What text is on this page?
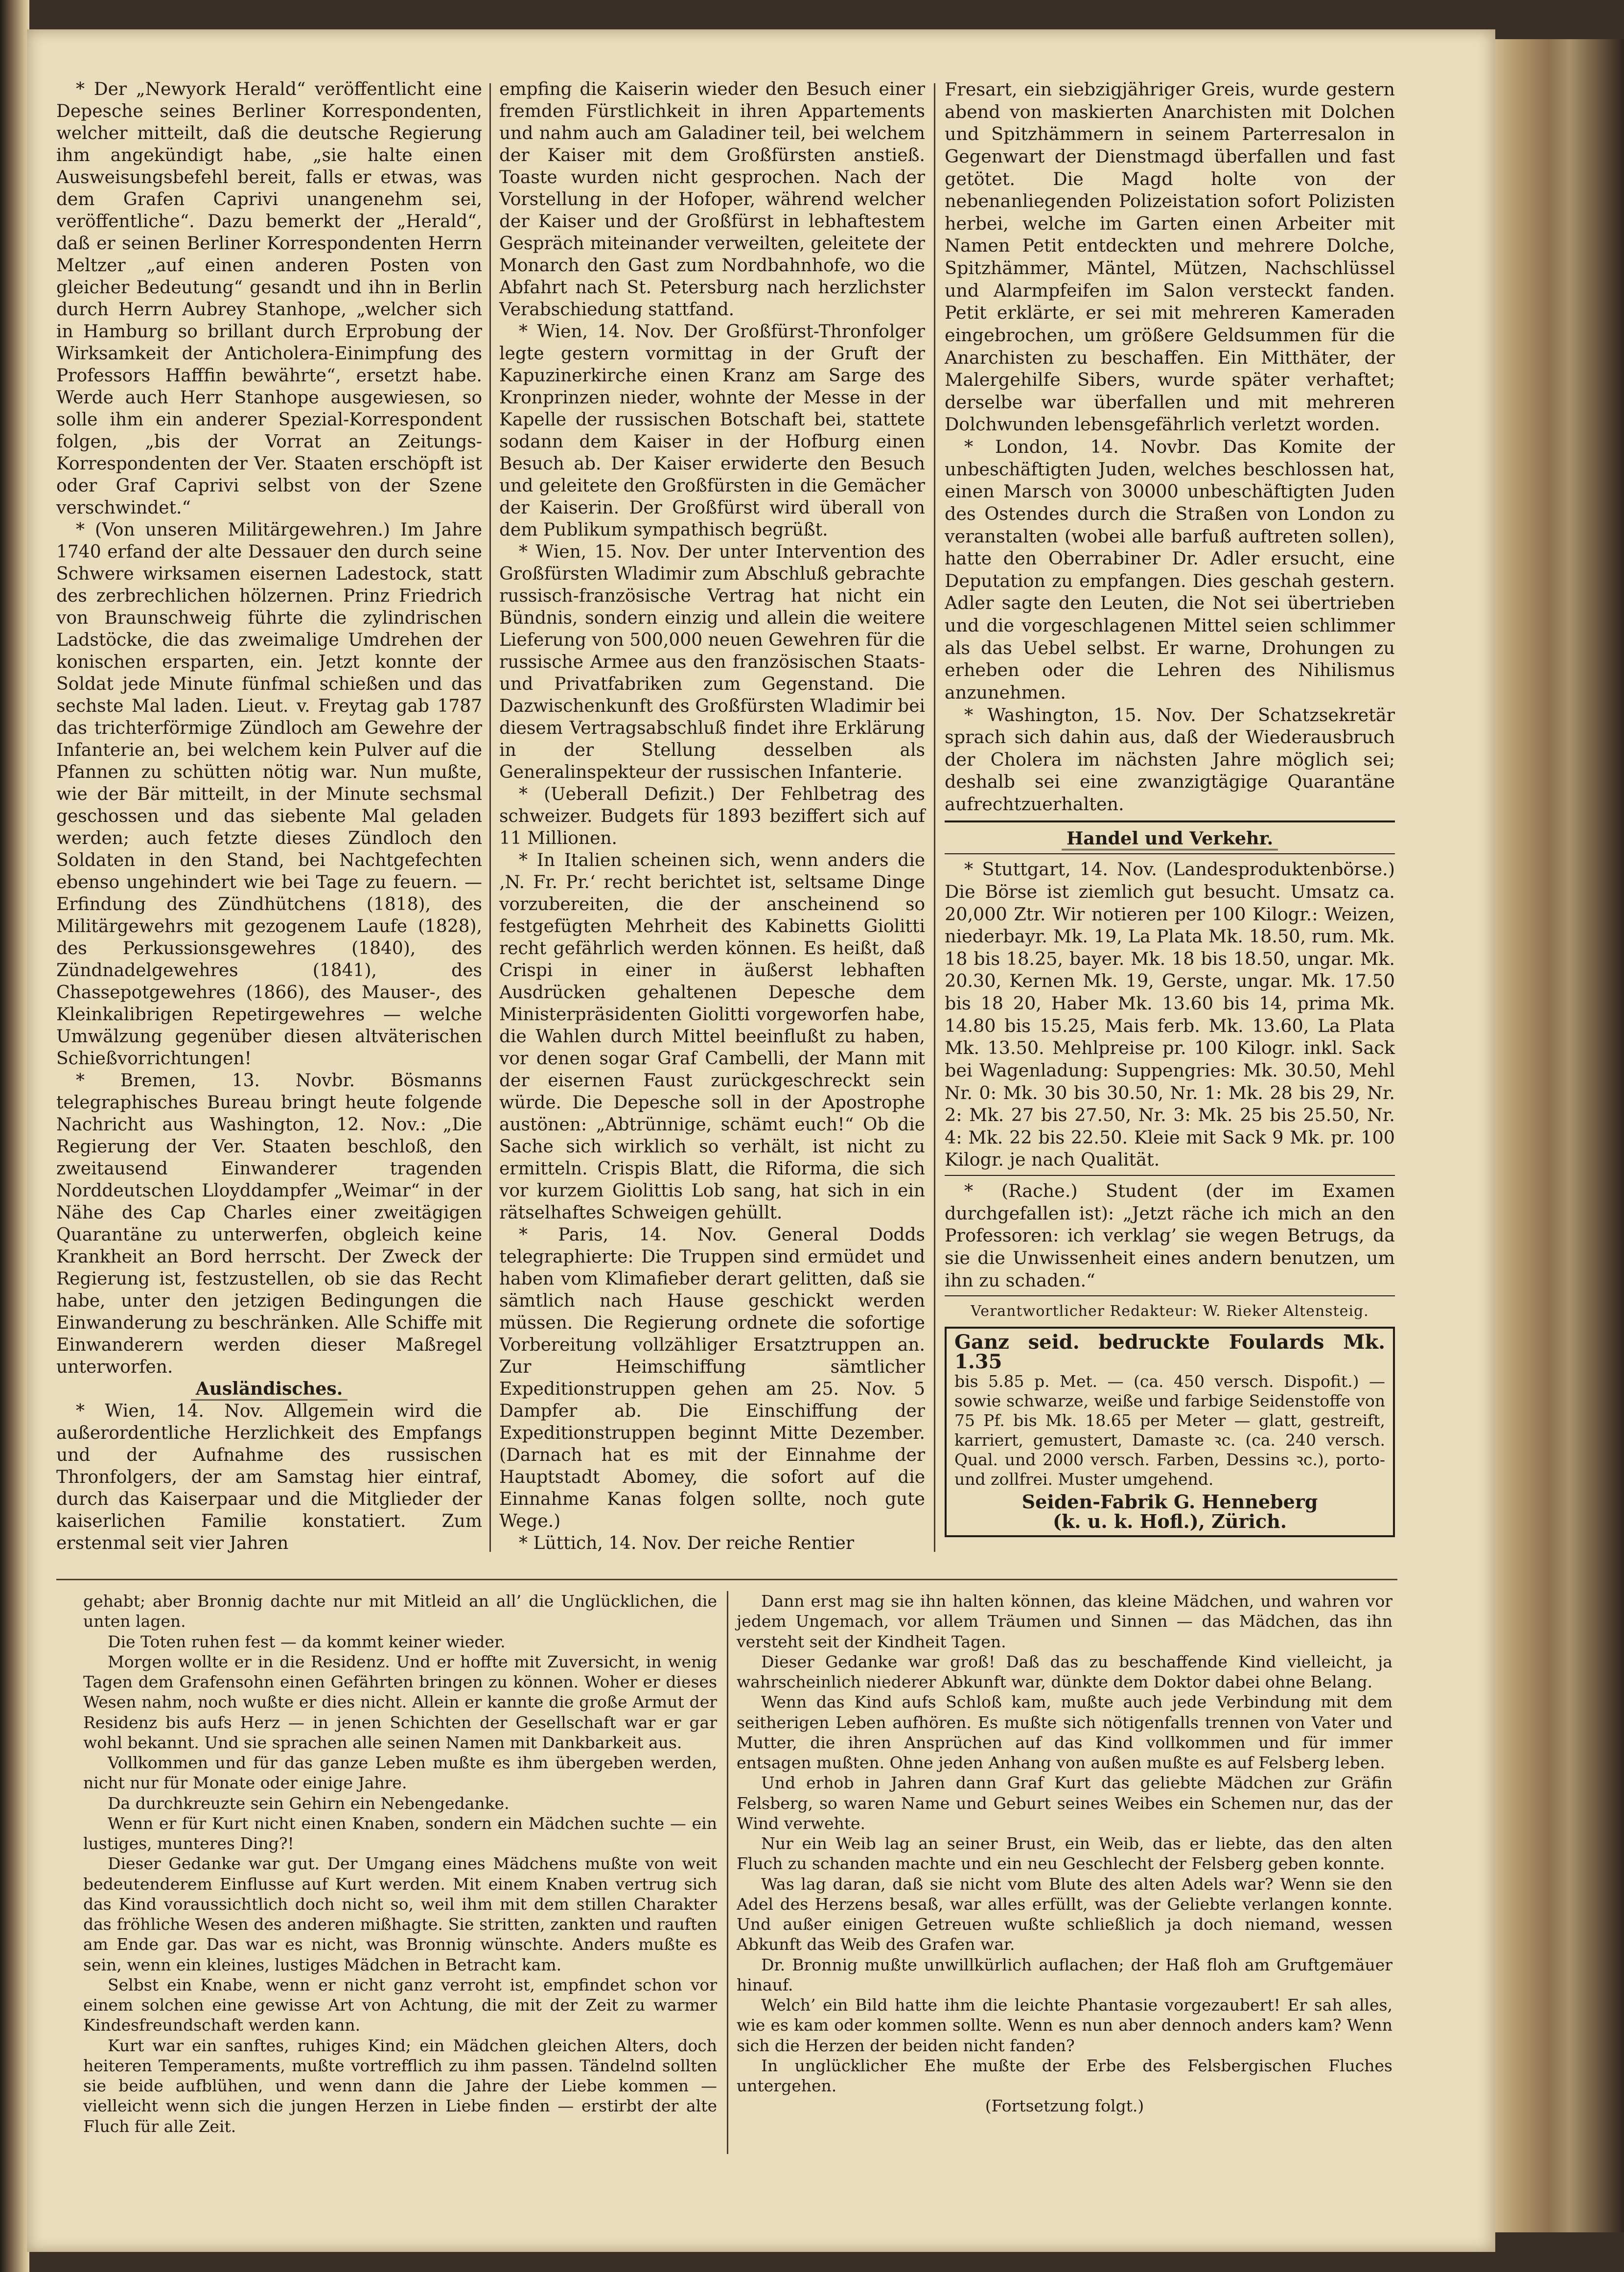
* Der „Newyork Herald“ veröffentlicht eine Depesche seines Berliner Korrespondenten, welcher mitteilt, daß die deutsche Regierung ihm angekündigt habe, „sie halte einen Ausweisungsbefehl bereit, falls er etwas, was dem Grafen Caprivi unangenehm sei, veröffentliche“. Dazu bemerkt der „Herald“, daß er seinen Berliner Korrespondenten Herrn Meltzer „auf einen anderen Posten von gleicher Bedeutung“ gesandt und ihn in Berlin durch Herrn Aubrey Stanhope, „welcher sich in Hamburg so brillant durch Erprobung der Wirksamkeit der Anticholera-Einimpfung des Professors Hafffin bewährte“, ersetzt habe. Werde auch Herr Stanhope ausgewiesen, so solle ihm ein anderer Spezial-Korrespondent folgen, „bis der Vorrat an Zeitungs-Korrespondenten der Ver. Staaten erschöpft ist oder Graf Caprivi selbst von der Szene verschwindet.“

* (Von unseren Militärgewehren.) Im Jahre 1740 erfand der alte Dessauer den durch seine Schwere wirksamen eisernen Ladestock, statt des zerbrechlichen hölzernen. Prinz Friedrich von Braunschweig führte die zylindrischen Ladstöcke, die das zweimalige Umdrehen der konischen ersparten, ein. Jetzt konnte der Soldat jede Minute fünfmal schießen und das sechste Mal laden. Lieut. v. Freytag gab 1787 das trichterförmige Zündloch am Gewehre der Infanterie an, bei welchem kein Pulver auf die Pfannen zu schütten nötig war. Nun mußte, wie der Bär mitteilt, in der Minute sechsmal geschossen und das siebente Mal geladen werden; auch fetzte dieses Zündloch den Soldaten in den Stand, bei Nachtgefechten ebenso ungehindert wie bei Tage zu feuern. — Erfindung des Zündhütchens (1818), des Militärgewehrs mit gezogenem Laufe (1828), des Perkussionsgewehres (1840), des Zündnadelgewehres (1841), des Chassepotgewehres (1866), des Mauser-, des Kleinkalibrigen Repetirgewehres — welche Umwälzung gegenüber diesen altväterischen Schießvorrichtungen!

* Bremen, 13. Novbr. Bösmanns telegraphisches Bureau bringt heute folgende Nachricht aus Washington, 12. Nov.: „Die Regierung der Ver. Staaten beschloß, den zweitausend Einwanderer tragenden Norddeutschen Lloyddampfer „Weimar“ in der Nähe des Cap Charles einer zweitägigen Quarantäne zu unterwerfen, obgleich keine Krankheit an Bord herrscht. Der Zweck der Regierung ist, festzustellen, ob sie das Recht habe, unter den jetzigen Bedingungen die Einwanderung zu beschränken. Alle Schiffe mit Einwanderern werden dieser Maßregel unterworfen.

Ausländisches.

* Wien, 14. Nov. Allgemein wird die außerordentliche Herzlichkeit des Empfangs und der Aufnahme des russischen Thronfolgers, der am Samstag hier eintraf, durch das Kaiserpaar und die Mitglieder der kaiserlichen Familie konstatiert. Zum erstenmal seit vier Jahren

empfing die Kaiserin wieder den Besuch einer fremden Fürstlichkeit in ihren Appartements und nahm auch am Galadiner teil, bei welchem der Kaiser mit dem Großfürsten anstieß. Toaste wurden nicht gesprochen. Nach der Vorstellung in der Hofoper, während welcher der Kaiser und der Großfürst in lebhaftestem Gespräch miteinander verweilten, geleitete der Monarch den Gast zum Nordbahnhofe, wo die Abfahrt nach St. Petersburg nach herzlichster Verabschiedung stattfand.

* Wien, 14. Nov. Der Großfürst-Thronfolger legte gestern vormittag in der Gruft der Kapuzinerkirche einen Kranz am Sarge des Kronprinzen nieder, wohnte der Messe in der Kapelle der russischen Botschaft bei, stattete sodann dem Kaiser in der Hofburg einen Besuch ab. Der Kaiser erwiderte den Besuch und geleitete den Großfürsten in die Gemächer der Kaiserin. Der Großfürst wird überall von dem Publikum sympathisch begrüßt.

* Wien, 15. Nov. Der unter Intervention des Großfürsten Wladimir zum Abschluß gebrachte russisch-französische Vertrag hat nicht ein Bündnis, sondern einzig und allein die weitere Lieferung von 500,000 neuen Gewehren für die russische Armee aus den französischen Staats- und Privatfabriken zum Gegenstand. Die Dazwischenkunft des Großfürsten Wladimir bei diesem Vertragsabschluß findet ihre Erklärung in der Stellung desselben als Generalinspekteur der russischen Infanterie.

* (Ueberall Defizit.) Der Fehlbetrag des schweizer. Budgets für 1893 beziffert sich auf 11 Millionen.

* In Italien scheinen sich, wenn anders die ‚N. Fr. Pr.‘ recht berichtet ist, seltsame Dinge vorzubereiten, die der anscheinend so festgefügten Mehrheit des Kabinetts Giolitti recht gefährlich werden können. Es heißt, daß Crispi in einer in äußerst lebhaften Ausdrücken gehaltenen Depesche dem Ministerpräsidenten Giolitti vorgeworfen habe, die Wahlen durch Mittel beeinflußt zu haben, vor denen sogar Graf Cambelli, der Mann mit der eisernen Faust zurückgeschreckt sein würde. Die Depesche soll in der Apostrophe austönen: „Abtrünnige, schämt euch!“ Ob die Sache sich wirklich so verhält, ist nicht zu ermitteln. Crispis Blatt, die Riforma, die sich vor kurzem Giolittis Lob sang, hat sich in ein rätselhaftes Schweigen gehüllt.

* Paris, 14. Nov. General Dodds telegraphierte: Die Truppen sind ermüdet und haben vom Klimafieber derart gelitten, daß sie sämtlich nach Hause geschickt werden müssen. Die Regierung ordnete die sofortige Vorbereitung vollzähliger Ersatztruppen an. Zur Heimschiffung sämtlicher Expeditionstruppen gehen am 25. Nov. 5 Dampfer ab. Die Einschiffung der Expeditionstruppen beginnt Mitte Dezember. (Darnach hat es mit der Einnahme der Hauptstadt Abomey, die sofort auf die Einnahme Kanas folgen sollte, noch gute Wege.)

* Lüttich, 14. Nov. Der reiche Rentier

Fresart, ein siebzigjähriger Greis, wurde gestern abend von maskierten Anarchisten mit Dolchen und Spitzhämmern in seinem Parterresalon in Gegenwart der Dienstmagd überfallen und fast getötet. Die Magd holte von der nebenanliegenden Polizeistation sofort Polizisten herbei, welche im Garten einen Arbeiter mit Namen Petit entdeckten und mehrere Dolche, Spitzhämmer, Mäntel, Mützen, Nachschlüssel und Alarmpfeifen im Salon versteckt fanden. Petit erklärte, er sei mit mehreren Kameraden eingebrochen, um größere Geldsummen für die Anarchisten zu beschaffen. Ein Mitthäter, der Malergehilfe Sibers, wurde später verhaftet; derselbe war überfallen und mit mehreren Dolchwunden lebensgefährlich verletzt worden.

* London, 14. Novbr. Das Komite der unbeschäftigten Juden, welches beschlossen hat, einen Marsch von 30000 unbeschäftigten Juden des Ostendes durch die Straßen von London zu veranstalten (wobei alle barfuß auftreten sollen), hatte den Oberrabiner Dr. Adler ersucht, eine Deputation zu empfangen. Dies geschah gestern. Adler sagte den Leuten, die Not sei übertrieben und die vorgeschlagenen Mittel seien schlimmer als das Uebel selbst. Er warne, Drohungen zu erheben oder die Lehren des Nihilismus anzunehmen.

* Washington, 15. Nov. Der Schatzsekretär sprach sich dahin aus, daß der Wiederausbruch der Cholera im nächsten Jahre möglich sei; deshalb sei eine zwanzigtägige Quarantäne aufrechtzuerhalten.

Handel und Verkehr.

* Stuttgart, 14. Nov. (Landesproduktenbörse.) Die Börse ist ziemlich gut besucht. Umsatz ca. 20,000 Ztr. Wir notieren per 100 Kilogr.: Weizen, niederbayr. Mk. 19, La Plata Mk. 18.50, rum. Mk. 18 bis 18.25, bayer. Mk. 18 bis 18.50, ungar. Mk. 20.30, Kernen Mk. 19, Gerste, ungar. Mk. 17.50 bis 18 20, Haber Mk. 13.60 bis 14, prima Mk. 14.80 bis 15.25, Mais ferb. Mk. 13.60, La Plata Mk. 13.50. Mehlpreise pr. 100 Kilogr. inkl. Sack bei Wagenladung: Suppengries: Mk. 30.50, Mehl Nr. 0: Mk. 30 bis 30.50, Nr. 1: Mk. 28 bis 29, Nr. 2: Mk. 27 bis 27.50, Nr. 3: Mk. 25 bis 25.50, Nr. 4: Mk. 22 bis 22.50. Kleie mit Sack 9 Mk. pr. 100 Kilogr. je nach Qualität.

* (Rache.) Student (der im Examen durchgefallen ist): „Jetzt räche ich mich an den Professoren: ich verklag’ sie wegen Betrugs, da sie die Unwissenheit eines andern benutzen, um ihn zu schaden.“

Verantwortlicher Redakteur: W. Rieker Altensteig.

Ganz seid. bedruckte Foulards Mk. 1.35

bis 5.85 p. Met. — (ca. 450 versch. Dispofit.) — sowie schwarze, weiße und farbige Seidenstoffe von 75 Pf. bis Mk. 18.65 per Meter — glatt, gestreift, karriert, gemustert, Damaste ꝛc. (ca. 240 versch. Qual. und 2000 versch. Farben, Dessins ꝛc.), porto- und zollfrei. Muster umgehend.

Seiden-Fabrik G. Henneberg

(k. u. k. Hofl.), Zürich.

gehabt; aber Bronnig dachte nur mit Mitleid an all’ die Unglücklichen, die unten lagen.

Die Toten ruhen fest — da kommt keiner wieder.

Morgen wollte er in die Residenz. Und er hoffte mit Zuversicht, in wenig Tagen dem Grafensohn einen Gefährten bringen zu können. Woher er dieses Wesen nahm, noch wußte er dies nicht. Allein er kannte die große Armut der Residenz bis aufs Herz — in jenen Schichten der Gesellschaft war er gar wohl bekannt. Und sie sprachen alle seinen Namen mit Dankbarkeit aus.

Vollkommen und für das ganze Leben mußte es ihm übergeben werden, nicht nur für Monate oder einige Jahre.

Da durchkreuzte sein Gehirn ein Nebengedanke.

Wenn er für Kurt nicht einen Knaben, sondern ein Mädchen suchte — ein lustiges, munteres Ding?!

Dieser Gedanke war gut. Der Umgang eines Mädchens mußte von weit bedeutenderem Einflusse auf Kurt werden. Mit einem Knaben vertrug sich das Kind voraussichtlich doch nicht so, weil ihm mit dem stillen Charakter das fröhliche Wesen des anderen mißhagte. Sie stritten, zankten und rauften am Ende gar. Das war es nicht, was Bronnig wünschte. Anders mußte es sein, wenn ein kleines, lustiges Mädchen in Betracht kam.

Selbst ein Knabe, wenn er nicht ganz verroht ist, empfindet schon vor einem solchen eine gewisse Art von Achtung, die mit der Zeit zu warmer Kindesfreundschaft werden kann.

Kurt war ein sanftes, ruhiges Kind; ein Mädchen gleichen Alters, doch heiteren Temperaments, mußte vortrefflich zu ihm passen. Tändelnd sollten sie beide aufblühen, und wenn dann die Jahre der Liebe kommen — vielleicht wenn sich die jungen Herzen in Liebe finden — erstirbt der alte Fluch für alle Zeit.

Dann erst mag sie ihn halten können, das kleine Mädchen, und wahren vor jedem Ungemach, vor allem Träumen und Sinnen — das Mädchen, das ihn versteht seit der Kindheit Tagen.

Dieser Gedanke war groß! Daß das zu beschaffende Kind vielleicht, ja wahrscheinlich niederer Abkunft war, dünkte dem Doktor dabei ohne Belang.

Wenn das Kind aufs Schloß kam, mußte auch jede Verbindung mit dem seitherigen Leben aufhören. Es mußte sich nötigenfalls trennen von Vater und Mutter, die ihren Ansprüchen auf das Kind vollkommen und für immer entsagen mußten. Ohne jeden Anhang von außen mußte es auf Felsberg leben.

Und erhob in Jahren dann Graf Kurt das geliebte Mädchen zur Gräfin Felsberg, so waren Name und Geburt seines Weibes ein Schemen nur, das der Wind verwehte.

Nur ein Weib lag an seiner Brust, ein Weib, das er liebte, das den alten Fluch zu schanden machte und ein neu Geschlecht der Felsberg geben konnte.

Was lag daran, daß sie nicht vom Blute des alten Adels war? Wenn sie den Adel des Herzens besaß, war alles erfüllt, was der Geliebte verlangen konnte. Und außer einigen Getreuen wußte schließlich ja doch niemand, wessen Abkunft das Weib des Grafen war.

Dr. Bronnig mußte unwillkürlich auflachen; der Haß floh am Gruftgemäuer hinauf.

Welch’ ein Bild hatte ihm die leichte Phantasie vorgezaubert! Er sah alles, wie es kam oder kommen sollte. Wenn es nun aber dennoch anders kam? Wenn sich die Herzen der beiden nicht fanden?

In unglücklicher Ehe mußte der Erbe des Felsbergischen Fluches untergehen.

(Fortsetzung folgt.)
